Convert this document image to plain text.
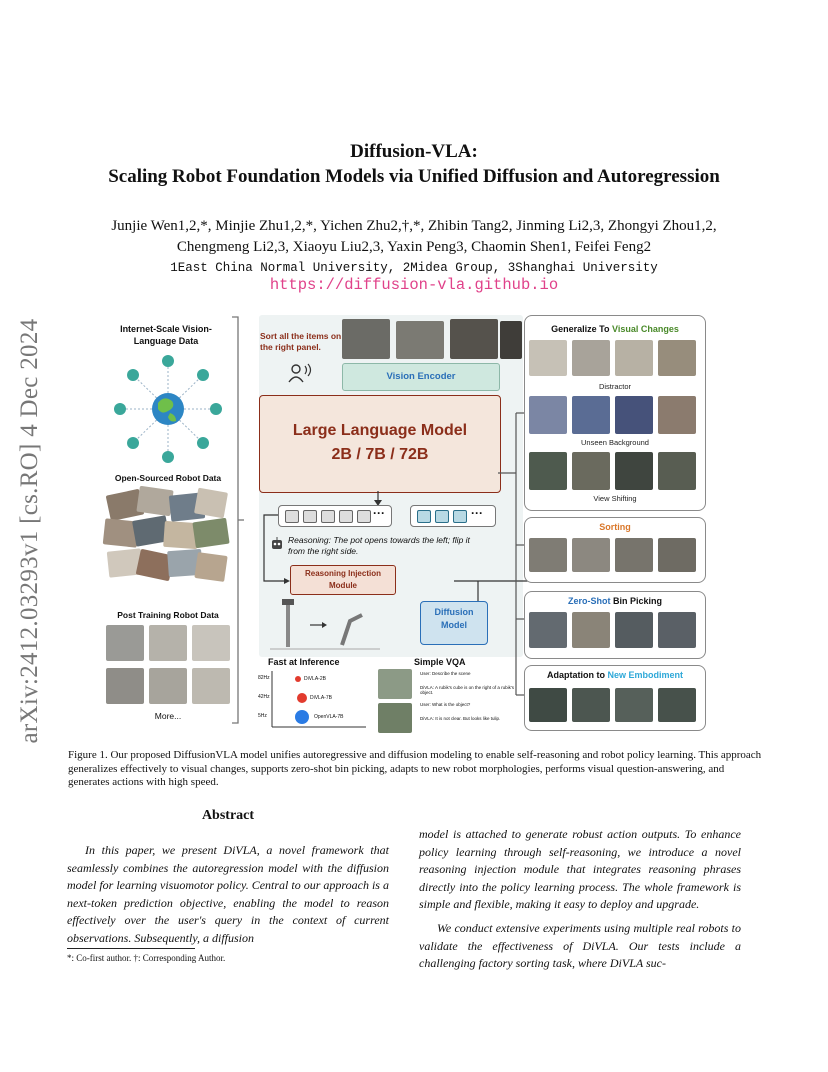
arXiv:2412.03293v1 [cs.RO] 4 Dec 2024
Diffusion-VLA:
Scaling Robot Foundation Models via Unified Diffusion and Autoregression
Junjie Wen1,2,*, Minjie Zhu1,2,*, Yichen Zhu2,†,*, Zhibin Tang2, Jinming Li2,3, Zhongyi Zhou1,2,
Chengmeng Li2,3, Xiaoyu Liu2,3, Yaxin Peng3, Chaomin Shen1, Feifei Feng2
1East China Normal University, 2Midea Group, 3Shanghai University
https://diffusion-vla.github.io
Internet-Scale Vision-Language Data
Open-Sourced Robot Data
Post Training Robot Data
More...
Sort all the items on the right panel.
Vision Encoder
Large Language Model
2B / 7B / 72B
···	···
Reasoning: The pot opens towards the left; flip it from the right side.
Reasoning Injection Module
Diffusion Model
Fast at Inference
82Hz
42Hz
5Hz
DiVLA-2B
DiVLA-7B
OpenVLA-7B
Simple VQA
User: Describe the scene
DiVLA: A rubik's cube is on the right of a rubik's object.
User: What is the object?
DiVLA: It is not clear. But looks like tulip.
Generalize To Visual Changes
Distractor
Unseen Background
View Shifting
Sorting
Zero-Shot Bin Picking
Adaptation to New Embodiment
Figure 1. Our proposed DiffusionVLA model unifies autoregressive and diffusion modeling to enable self-reasoning and robot policy learning. This approach generalizes effectively to visual changes, supports zero-shot bin picking, adapts to new robot morphologies, performs visual question-answering, and generates actions with high speed.
Abstract
In this paper, we present DiVLA, a novel framework that seamlessly combines the autoregression model with the diffusion model for learning visuomotor policy. Central to our approach is a next-token prediction objective, enabling the model to reason effectively over the user's query in the context of current observations. Subsequently, a diffusion
model is attached to generate robust action outputs. To enhance policy learning through self-reasoning, we introduce a novel reasoning injection module that integrates reasoning phrases directly into the policy learning process. The whole framework is simple and flexible, making it easy to deploy and upgrade.
We conduct extensive experiments using multiple real robots to validate the effectiveness of DiVLA. Our tests include a challenging factory sorting task, where DiVLA suc-
*: Co-first author. †: Corresponding Author.
